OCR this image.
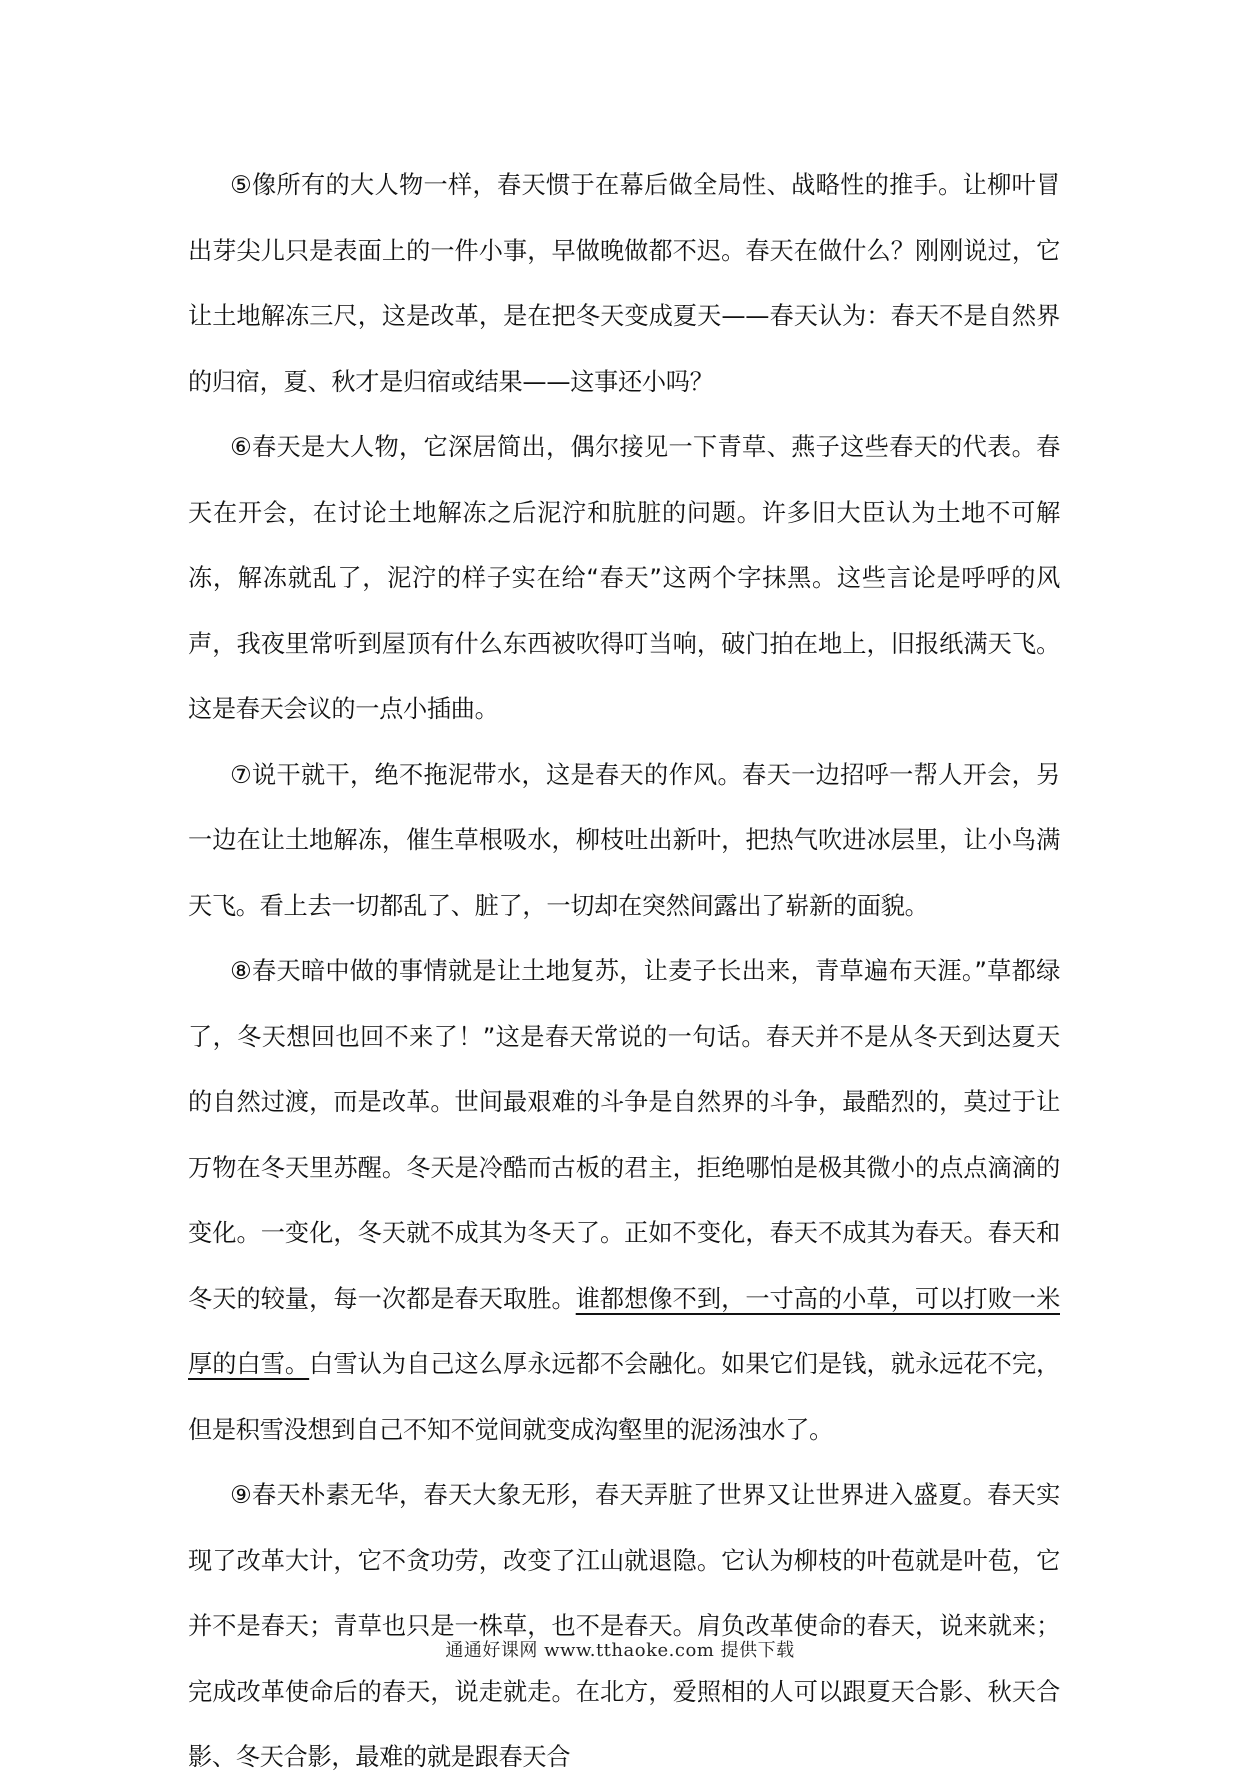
⑤像所有的大人物一样，春天惯于在幕后做全局性、战略性的推手。让柳叶冒出芽尖儿只是表面上的一件小事，早做晚做都不迟。春天在做什么？刚刚说过，它让土地解冻三尺，这是改革，是在把冬天变成夏天——春天认为：春天不是自然界的归宿，夏、秋才是归宿或结果——这事还小吗？

⑥春天是大人物，它深居简出，偶尔接见一下青草、燕子这些春天的代表。春天在开会，在讨论土地解冻之后泥泞和肮脏的问题。许多旧大臣认为土地不可解冻，解冻就乱了，泥泞的样子实在给“春天”这两个字抹黑。这些言论是呼呼的风声，我夜里常听到屋顶有什么东西被吹得叮当响，破门拍在地上，旧报纸满天飞。这是春天会议的一点小插曲。

⑦说干就干，绝不拖泥带水，这是春天的作风。春天一边招呼一帮人开会，另一边在让土地解冻，催生草根吸水，柳枝吐出新叶，把热气吹进冰层里，让小鸟满天飞。看上去一切都乱了、脏了，一切却在突然间露出了崭新的面貌。

⑧春天暗中做的事情就是让土地复苏，让麦子长出来，青草遍布天涯。”草都绿了，冬天想回也回不来了！”这是春天常说的一句话。春天并不是从冬天到达夏天的自然过渡，而是改革。世间最艰难的斗争是自然界的斗争，最酷烈的，莫过于让万物在冬天里苏醒。冬天是冷酷而古板的君主，拒绝哪怕是极其微小的点点滴滴的变化。一变化，冬天就不成其为冬天了。正如不变化，春天不成其为春天。春天和冬天的较量，每一次都是春天取胜。谁都想像不到，一寸高的小草，可以打败一米厚的白雪。白雪认为自己这么厚永远都不会融化。如果它们是钱，就永远花不完，但是积雪没想到自己不知不觉间就变成沟壑里的泥汤浊水了。

⑨春天朴素无华，春天大象无形，春天弄脏了世界又让世界进入盛夏。春天实现了改革大计，它不贪功劳，改变了江山就退隐。它认为柳枝的叶苞就是叶苞，它并不是春天；青草也只是一株草，也不是春天。肩负改革使命的春天，说来就来；完成改革使命后的春天，说走就走。在北方，爱照相的人可以跟夏天合影、秋天合影、冬天合影，最难的就是跟春天合

通通好课网 www.tthaoke.com 提供下载
